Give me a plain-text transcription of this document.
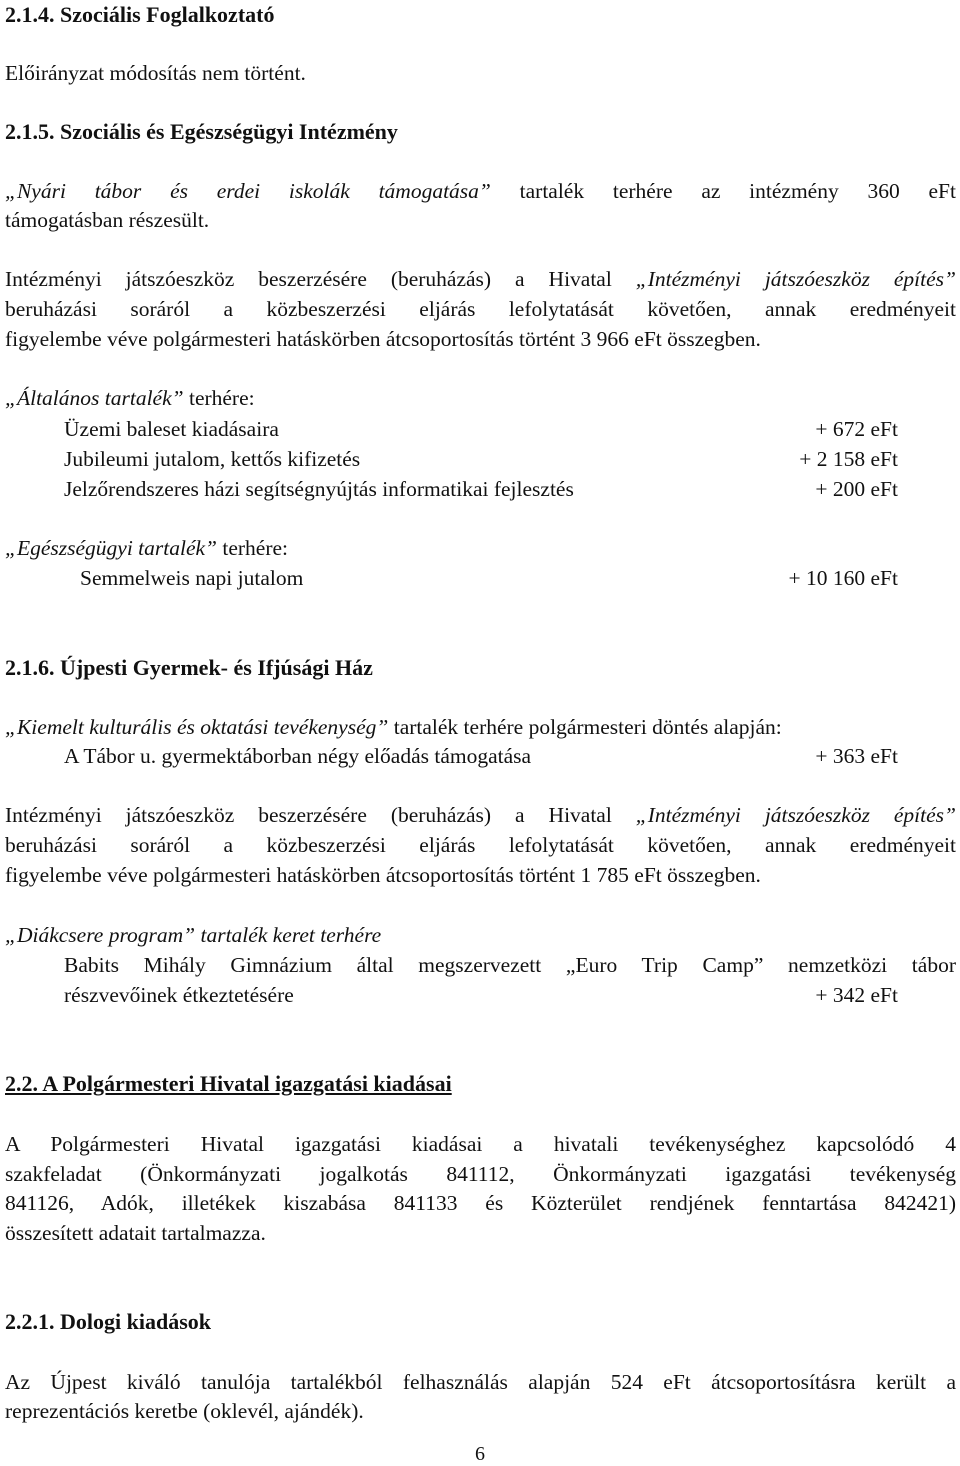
2.1.4. Szociális Foglalkoztató
Előirányzat módosítás nem történt.
2.1.5. Szociális és Egészségügyi Intézmény
„Nyári tábor és erdei iskolák támogatása” tartalék terhére az intézmény 360 eFt
támogatásban részesült.
Intézményi játszóeszköz beszerzésére (beruházás) a Hivatal „Intézményi játszóeszköz építés”
beruházási soráról a közbeszerzési eljárás lefolytatását követően, annak eredményeit
figyelembe véve polgármesteri hatáskörben átcsoportosítás történt 3 966 eFt összegben.
„Általános tartalék” terhére:
Üzemi baleset kiadásaira	+ 672 eFt
Jubileumi jutalom, kettős kifizetés	+ 2 158 eFt
Jelzőrendszeres házi segítségnyújtás informatikai fejlesztés	+ 200 eFt
„Egészségügyi tartalék” terhére:
Semmelweis napi jutalom	+ 10 160 eFt
2.1.6. Újpesti Gyermek- és Ifjúsági Ház
„Kiemelt kulturális és oktatási tevékenység” tartalék terhére polgármesteri döntés alapján:
A Tábor u. gyermektáborban négy előadás támogatása	+ 363 eFt
Intézményi játszóeszköz beszerzésére (beruházás) a Hivatal „Intézményi játszóeszköz építés”
beruházási soráról a közbeszerzési eljárás lefolytatását követően, annak eredményeit
figyelembe véve polgármesteri hatáskörben átcsoportosítás történt 1 785 eFt összegben.
„Diákcsere program” tartalék keret terhére
Babits Mihály Gimnázium által megszervezett „Euro Trip Camp” nemzetközi tábor
részvevőinek étkeztetésére	+ 342 eFt
2.2. A Polgármesteri Hivatal igazgatási kiadásai
A Polgármesteri Hivatal igazgatási kiadásai a hivatali tevékenységhez kapcsolódó 4
szakfeladat (Önkormányzati jogalkotás 841112, Önkormányzati igazgatási tevékenység
841126, Adók, illetékek kiszabása 841133 és Közterület rendjének fenntartása 842421)
összesített adatait tartalmazza.
2.2.1. Dologi kiadások
Az Újpest kiváló tanulója tartalékból felhasználás alapján 524 eFt átcsoportosításra került a
reprezentációs keretbe (oklevél, ajándék).
6
